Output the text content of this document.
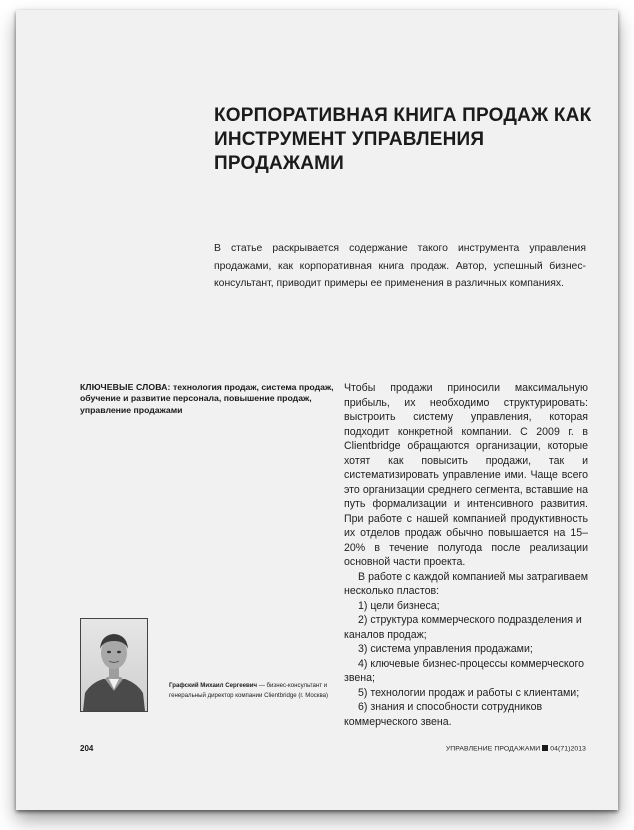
КОРПОРАТИВНАЯ КНИГА ПРОДАЖ КАК
ИНСТРУМЕНТ УПРАВЛЕНИЯ ПРОДАЖАМИ

В статье раскрывается содержание такого инструмента управления продажами, как корпоративная книга продаж. Автор, успешный бизнес-консультант, приводит примеры ее применения в различных компаниях.

КЛЮЧЕВЫЕ СЛОВА: технология продаж, система продаж, обучение и развитие персонала, повышение продаж, управление продажами

Чтобы продажи приносили максимальную прибыль, их необходимо структурировать: выстроить систему управления, которая подходит конкретной компании. С 2009 г. в Clientbridge обращаются организации, которые хотят как повысить продажи, так и систематизировать управление ими. Чаще всего это организации среднего сегмента, вставшие на путь формализации и интенсивного развития. При работе с нашей компанией продуктивность их отделов продаж обычно повышается на 15–20% в течение полугода после реализации основной части проекта.

В работе с каждой компанией мы затрагиваем несколько пластов:

1) цели бизнеса;
2) структура коммерческого подразделения и каналов продаж;
3) система управления продажами;
4) ключевые бизнес-процессы коммерческого звена;
5) технологии продаж и работы с клиентами;
6) знания и способности сотрудников коммерческого звена.

Графский Михаил Сергеевич — бизнес-консультант и генеральный директор компании Clientbridge (г. Москва)

204	УПРАВЛЕНИЕ ПРОДАЖАМИ 04(71)2013
